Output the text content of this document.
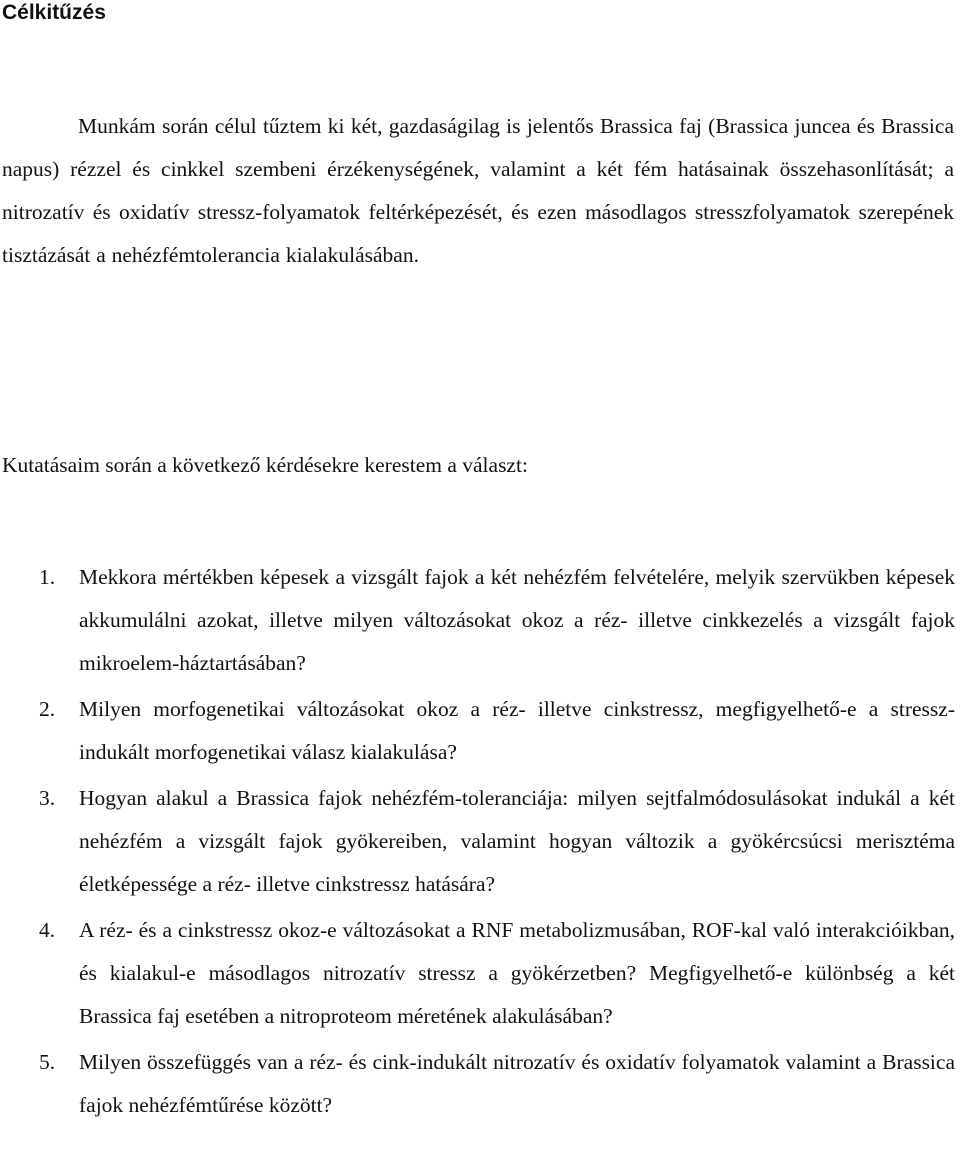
Célkitűzés

Munkám során célul tűztem ki két, gazdaságilag is jelentős Brassica faj (Brassica juncea és Brassica napus) rézzel és cinkkel szembeni érzékenységének, valamint a két fém hatásainak összehasonlítását; a nitrozatív és oxidatív stressz-folyamatok feltérképezését, és ezen másodlagos stresszfolyamatok szerepének tisztázását a nehézfémtolerancia kialakulásában.

Kutatásaim során a következő kérdésekre kerestem a választ:

1. Mekkora mértékben képesek a vizsgált fajok a két nehézfém felvételére, melyik szervükben képesek akkumulálni azokat, illetve milyen változásokat okoz a réz- illetve cinkkezelés a vizsgált fajok mikroelem-háztartásában?
2. Milyen morfogenetikai változásokat okoz a réz- illetve cinkstressz, megfigyelhető-e a stressz-indukált morfogenetikai válasz kialakulása?
3. Hogyan alakul a Brassica fajok nehézfém-toleranciája: milyen sejtfalmódosulásokat indukál a két nehézfém a vizsgált fajok gyökereiben, valamint hogyan változik a gyökércsúcsi merisztéma életképessége a réz- illetve cinkstressz hatására?
4. A réz- és a cinkstressz okoz-e változásokat a RNF metabolizmusában, ROF-kal való interakcióikban, és kialakul-e másodlagos nitrozatív stressz a gyökérzetben? Megfigyelhető-e különbség a két Brassica faj esetében a nitroproteom méretének alakulásában?
5. Milyen összefüggés van a réz- és cink-indukált nitrozatív és oxidatív folyamatok valamint a Brassica fajok nehézfémtűrése között?
